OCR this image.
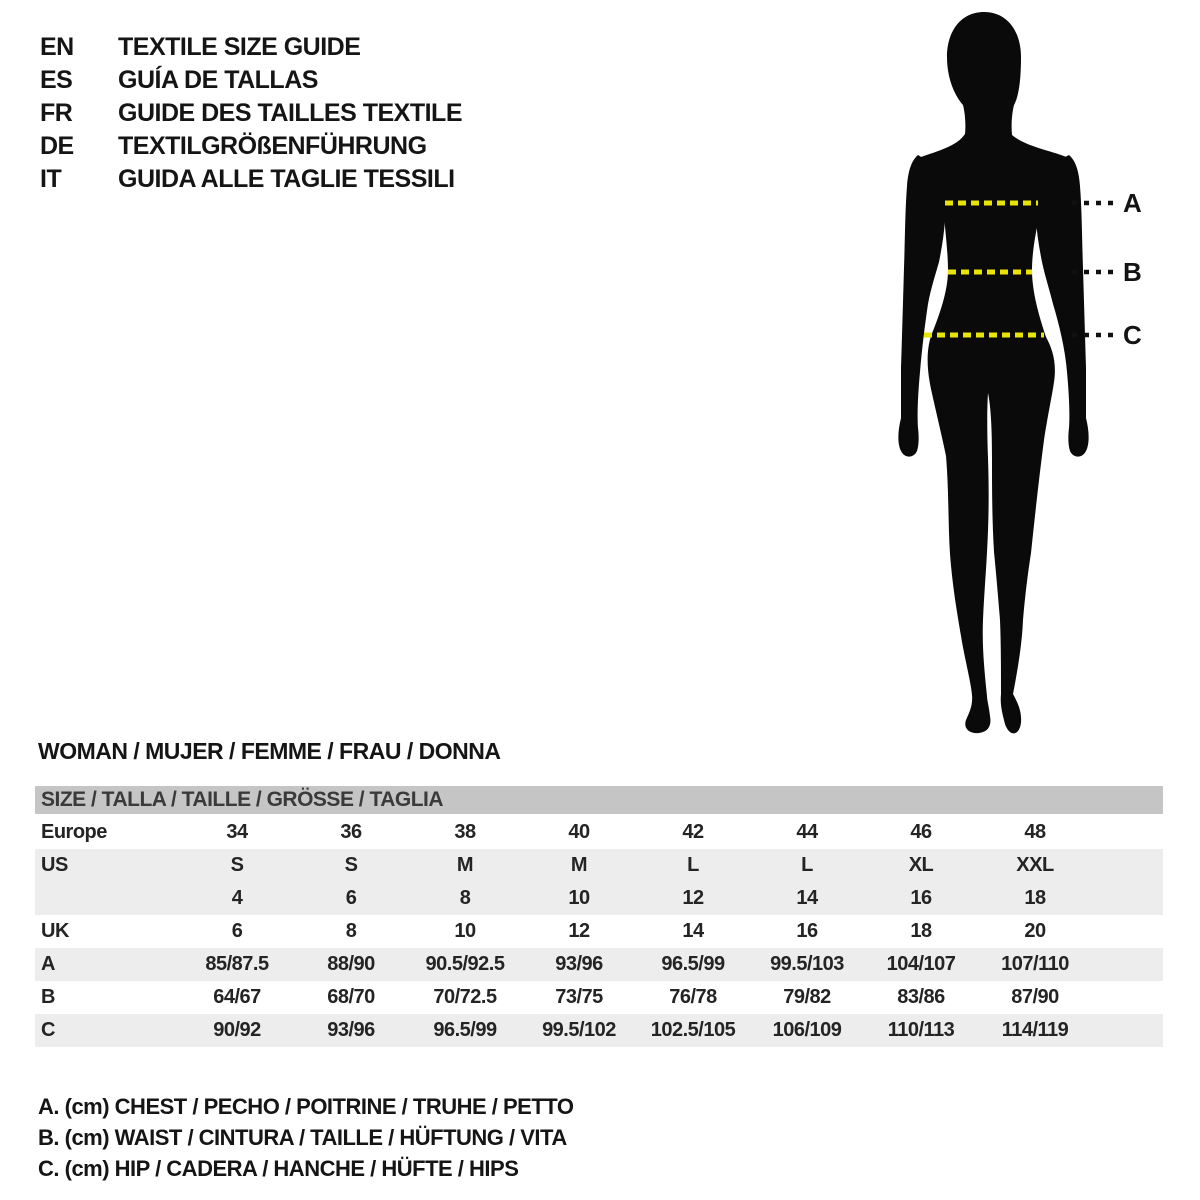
EN TEXTILE SIZE GUIDE
ES GUÍA DE TALLAS
FR GUIDE DES TAILLES TEXTILE
DE TEXTILGRÖßENFÜHRUNG
IT GUIDA ALLE TAGLIE TESSILI
A
B
C
WOMAN / MUJER / FEMME / FRAU / DONNA
SIZE / TALLA / TAILLE / GRÖSSE / TAGLIA									
Europe	34	36	38	40	42	44	46	48	
US	S	S	M	M	L	L	XL	XXL	
	4	6	8	10	12	14	16	18	
UK	6	8	10	12	14	16	18	20	
A	85/87.5	88/90	90.5/92.5	93/96	96.5/99	99.5/103	104/107	107/110	
B	64/67	68/70	70/72.5	73/75	76/78	79/82	83/86	87/90	
C	90/92	93/96	96.5/99	99.5/102	102.5/105	106/109	110/113	114/119	
A. (cm) CHEST / PECHO / POITRINE / TRUHE / PETTO
B. (cm) WAIST / CINTURA / TAILLE / HÜFTUNG / VITA
C. (cm) HIP / CADERA / HANCHE / HÜFTE / HIPS
